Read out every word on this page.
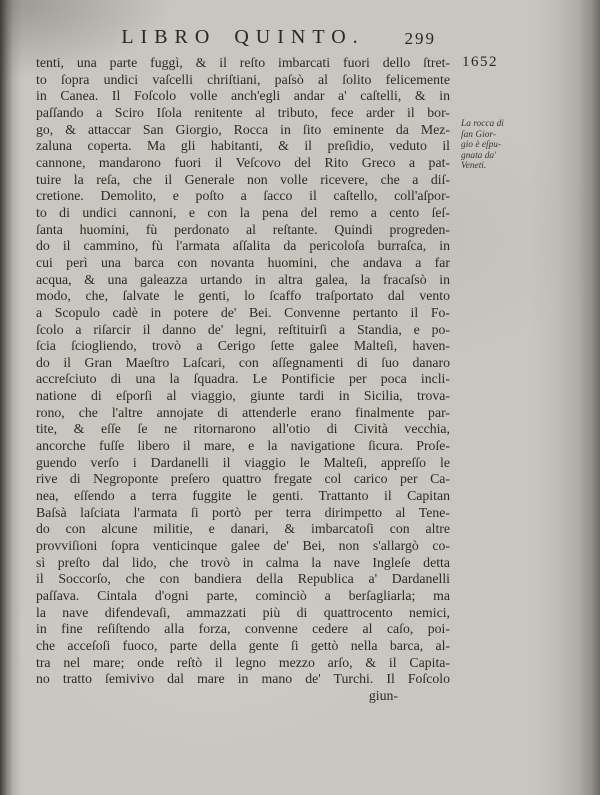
LIBRO QUINTO.	299
1652
La rocca di
ſan Gior-
gio è eſpu-
gnata da'
Veneti.
tenti, una parte fuggì, & il reſto imbarcati fuori dello ſtret-
to ſopra undici vaſcelli chriſtiani, paſsò al ſolito felicemente
in Canea. Il Foſcolo volle anch'egli andar a' caſtelli, & in
paſſando a Sciro Iſola renitente al tributo, fece arder il bor-
go, & attaccar San Giorgio, Rocca in ſito eminente da Mez-
zaluna coperta. Ma gli habitanti, & il preſidio, veduto il
cannone, mandarono fuori il Veſcovo del Rito Greco a pat-
tuire la reſa, che il Generale non volle ricevere, che a diſ-
cretione. Demolito, e poſto a ſacco il caſtello, coll'aſpor-
to di undici cannoni, e con la pena del remo a cento ſeſ-
ſanta huomini, fù perdonato al reſtante. Quindi progreden-
do il cammino, fù l'armata aſſalita da pericoloſa burraſca, in
cui perì una barca con novanta huomini, che andava a far
acqua, & una galeazza urtando in altra galea, la fracaſsò in
modo, che, ſalvate le genti, lo ſcaffo traſportato dal vento
a Scopulo cadè in potere de' Bei. Convenne pertanto il Fo-
ſcolo a riſarcir il danno de' legni, reſtituirſi a Standia, e po-
ſcia ſciogliendo, trovò a Cerigo ſette galee Malteſi, haven-
do il Gran Maeſtro Laſcari, con aſſegnamenti di ſuo danaro
accreſciuto di una la ſquadra. Le Pontificie per poca incli-
natione di eſporſi al viaggio, giunte tardi in Sicilia, trova-
rono, che l'altre annojate di attenderle erano finalmente par-
tite, & eſſe ſe ne ritornarono all'otio di Cività vecchia,
ancorche fuſſe libero il mare, e la navigatione ſicura. Proſe-
guendo verſo i Dardanelli il viaggio le Malteſi, appreſſo le
rive di Negroponte preſero quattro fregate col carico per Ca-
nea, eſſendo a terra fuggite le genti. Trattanto il Capitan
Baſsà laſciata l'armata ſi portò per terra dirimpetto al Tene-
do con alcune militie, e danari, & imbarcatoſi con altre
provviſioni ſopra venticinque galee de' Bei, non s'allargò co-
sì preſto dal lido, che trovò in calma la nave Ingleſe detta
il Soccorſo, che con bandiera della Republica a' Dardanelli
paſſava. Cintala d'ogni parte, cominciò a berſagliarla; ma
la nave difendevaſi, ammazzati più di quattrocento nemici,
in fine reſiſtendo alla forza, convenne cedere al caſo, poi-
che acceſoſi fuoco, parte della gente ſi gettò nella barca, al-
tra nel mare; onde reſtò il legno mezzo arſo, & il Capita-
no tratto ſemivivo dal mare in mano de' Turchi. Il Foſcolo
giun-
